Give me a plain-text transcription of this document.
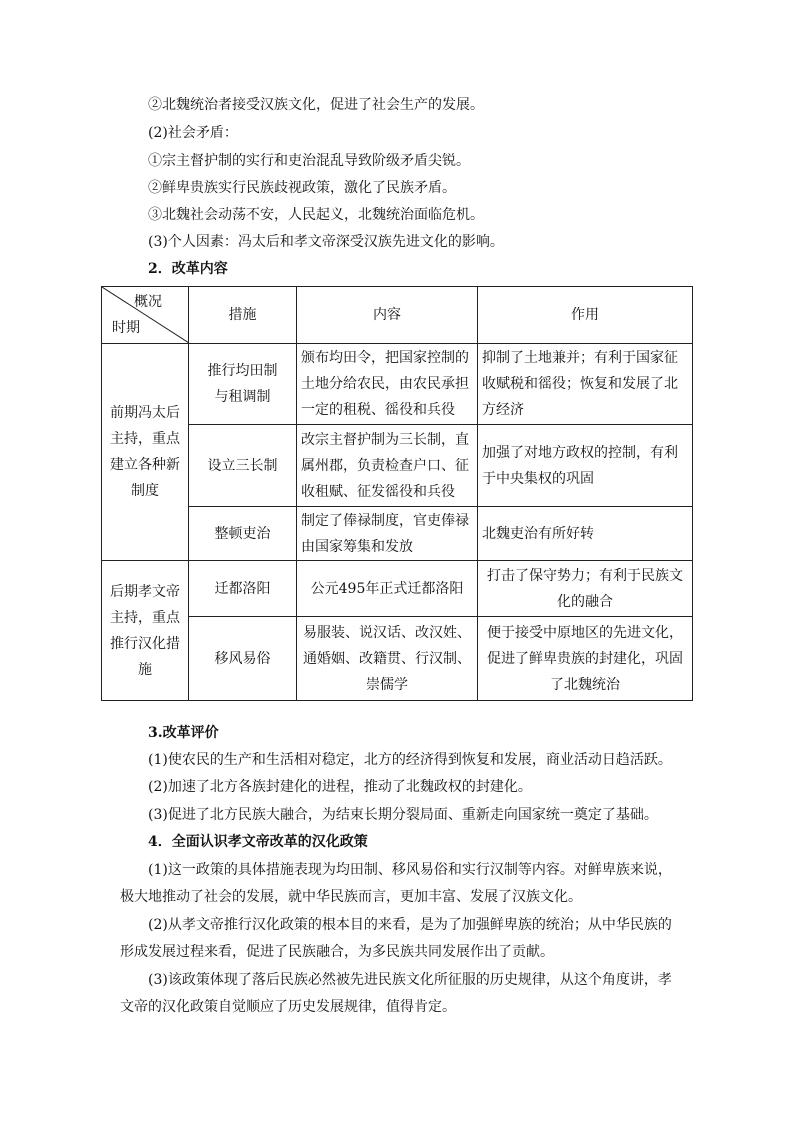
②北魏统治者接受汉族文化，促进了社会生产的发展。
(2)社会矛盾：
①宗主督护制的实行和吏治混乱导致阶级矛盾尖锐。
②鲜卑贵族实行民族歧视政策，激化了民族矛盾。
③北魏社会动荡不安，人民起义，北魏统治面临危机。
(3)个人因素：冯太后和孝文帝深受汉族先进文化的影响。
2．改革内容
概况
时期	措施	内容	作用

前期冯太后主持，重点建立各种新制度	推行均田制与租调制	颁布均田令，把国家控制的土地分给农民，由农民承担一定的租税、徭役和兵役	抑制了土地兼并；有利于国家征收赋税和徭役；恢复和发展了北方经济

	设立三长制	改宗主督护制为三长制，直属州郡，负责检查户口、征收租赋、征发徭役和兵役	加强了对地方政权的控制，有利于中央集权的巩固

	整顿吏治	制定了俸禄制度，官吏俸禄由国家筹集和发放	北魏吏治有所好转

后期孝文帝主持，重点推行汉化措施	迁都洛阳	公元495年正式迁都洛阳	打击了保守势力；有利于民族文化的融合

	移风易俗	易服装、说汉话、改汉姓、通婚姻、改籍贯、行汉制、崇儒学	便于接受中原地区的先进文化，促进了鲜卑贵族的封建化，巩固了北魏统治
3.改革评价
(1)使农民的生产和生活相对稳定，北方的经济得到恢复和发展，商业活动日趋活跃。
(2)加速了北方各族封建化的进程，推动了北魏政权的封建化。
(3)促进了北方民族大融合，为结束长期分裂局面、重新走向国家统一奠定了基础。
4．全面认识孝文帝改革的汉化政策
(1)这一政策的具体措施表现为均田制、移风易俗和实行汉制等内容。对鲜卑族来说，
极大地推动了社会的发展，就中华民族而言，更加丰富、发展了汉族文化。
(2)从孝文帝推行汉化政策的根本目的来看，是为了加强鲜卑族的统治；从中华民族的
形成发展过程来看，促进了民族融合，为多民族共同发展作出了贡献。
(3)该政策体现了落后民族必然被先进民族文化所征服的历史规律，从这个角度讲，孝
文帝的汉化政策自觉顺应了历史发展规律，值得肯定。
